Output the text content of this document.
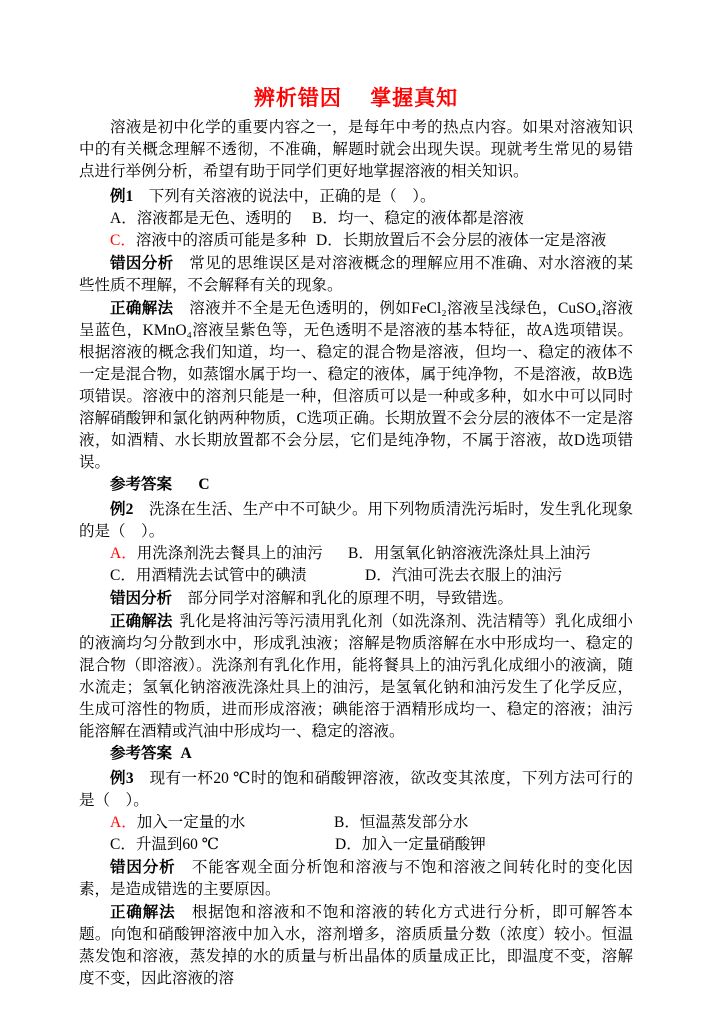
辨析错因　 掌握真知

溶液是初中化学的重要内容之一，是每年中考的热点内容。如果对溶液知识中的有关概念理解不透彻，不准确，解题时就会出现失误。现就考生常见的易错点进行举例分析，希望有助于同学们更好地掌握溶液的相关知识。

例1 下列有关溶液的说法中，正确的是（　）。

A．溶液都是无色、透明的	B．均一、稳定的液体都是溶液
C．溶液中的溶质可能是多种 D．长期放置后不会分层的液体一定是溶液

错因分析 常见的思维误区是对溶液概念的理解应用不准确、对水溶液的某些性质不理解，不会解释有关的现象。

正确解法 溶液并不全是无色透明的，例如FeCl₂溶液呈浅绿色，CuSO₄溶液呈蓝色，KMnO₄溶液呈紫色等，无色透明不是溶液的基本特征，故A选项错误。根据溶液的概念我们知道，均一、稳定的混合物是溶液，但均一、稳定的液体不一定是混合物，如蒸馏水属于均一、稳定的液体，属于纯净物，不是溶液，故B选项错误。溶液中的溶剂只能是一种，但溶质可以是一种或多种，如水中可以同时溶解硝酸钾和氯化钠两种物质，C选项正确。长期放置不会分层的液体不一定是溶液，如酒精、水长期放置都不会分层，它们是纯净物，不属于溶液，故D选项错误。

参考答案 C

例2 洗涤在生活、生产中不可缺少。用下列物质清洗污垢时，发生乳化现象的是（　）。

A．用洗涤剂洗去餐具上的油污	B．用氢氧化钠溶液洗涤灶具上油污
C．用酒精洗去试管中的碘渍	D．汽油可洗去衣服上的油污

错因分析 部分同学对溶解和乳化的原理不明，导致错选。

正确解法 乳化是将油污等污渍用乳化剂（如洗涤剂、洗洁精等）乳化成细小的液滴均匀分散到水中，形成乳浊液；溶解是物质溶解在水中形成均一、稳定的混合物（即溶液）。洗涤剂有乳化作用，能将餐具上的油污乳化成细小的液滴，随水流走；氢氧化钠溶液洗涤灶具上的油污，是氢氧化钠和油污发生了化学反应，生成可溶性的物质，进而形成溶液；碘能溶于酒精形成均一、稳定的溶液；油污能溶解在酒精或汽油中形成均一、稳定的溶液。

参考答案 A

例3 现有一杯20 ℃时的饱和硝酸钾溶液，欲改变其浓度，下列方法可行的是（　）。

A．加入一定量的水	B．恒温蒸发部分水
C．升温到60 ℃	D．加入一定量硝酸钾

错因分析 不能客观全面分析饱和溶液与不饱和溶液之间转化时的变化因素，是造成错选的主要原因。

正确解法 根据饱和溶液和不饱和溶液的转化方式进行分析，即可解答本题。向饱和硝酸钾溶液中加入水，溶剂增多，溶质质量分数（浓度）较小。恒温蒸发饱和溶液，蒸发掉的水的质量与析出晶体的质量成正比，即温度不变，溶解度不变，因此溶液的溶
